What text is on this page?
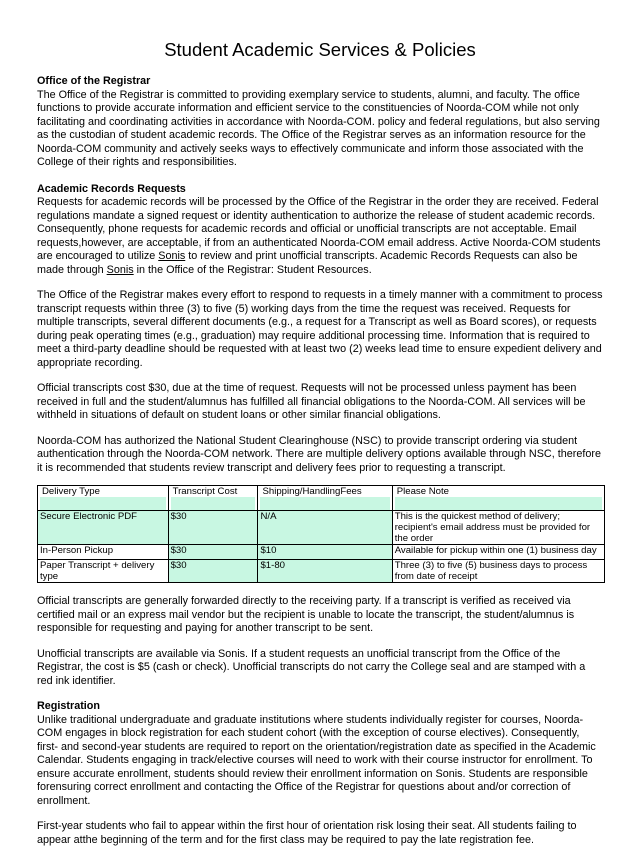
Student Academic Services & Policies
Office of the Registrar

The Office of the Registrar is committed to providing exemplary service to students, alumni, and faculty. The office functions to provide accurate information and efficient service to the constituencies of Noorda-COM while not only facilitating and coordinating activities in accordance with Noorda-COM. policy and federal regulations, but also serving as the custodian of student academic records. The Office of the Registrar serves as an information resource for the Noorda-COM community and actively seeks ways to effectively communicate and inform those associated with the College of their rights and responsibilities.

Academic Records Requests

Requests for academic records will be processed by the Office of the Registrar in the order they are received. Federal regulations mandate a signed request or identity authentication to authorize the release of student academic records. Consequently, phone requests for academic records and official or unofficial transcripts are not acceptable. Email requests,however, are acceptable, if from an authenticated Noorda-COM email address. Active Noorda-COM students are encouraged to utilize Sonis to review and print unofficial transcripts. Academic Records Requests can also be made through Sonis in the Office of the Registrar: Student Resources.

The Office of the Registrar makes every effort to respond to requests in a timely manner with a commitment to process transcript requests within three (3) to five (5) working days from the time the request was received. Requests for multiple transcripts, several different documents (e.g., a request for a Transcript as well as Board scores), or requests during peak operating times (e.g., graduation) may require additional processing time. Information that is required to meet a third-party deadline should be requested with at least two (2) weeks lead time to ensure expedient delivery and appropriate recording.

Official transcripts cost $30, due at the time of request. Requests will not be processed unless payment has been received in full and the student/alumnus has fulfilled all financial obligations to the Noorda-COM. All services will be withheld in situations of default on student loans or other similar financial obligations.

Noorda-COM has authorized the National Student Clearinghouse (NSC) to provide transcript ordering via student authentication through the Noorda-COM network. There are multiple delivery options available through NSC, therefore it is recommended that students review transcript and delivery fees prior to requesting a transcript.

Delivery Type	Transcript Cost	Shipping/HandlingFees	Please Note

Secure Electronic PDF	$30	N/A	This is the quickest method of delivery; recipient's email address must be provided for the order
In-Person Pickup	$30	$10	Available for pickup within one (1) business day
Paper Transcript + delivery type	$30	$1-80	Three (3) to five (5) business days to process from date of receipt

Official transcripts are generally forwarded directly to the receiving party. If a transcript is verified as received via certified mail or an express mail vendor but the recipient is unable to locate the transcript, the student/alumnus is responsible for requesting and paying for another transcript to be sent.

Unofficial transcripts are available via Sonis. If a student requests an unofficial transcript from the Office of the Registrar, the cost is $5 (cash or check). Unofficial transcripts do not carry the College seal and are stamped with a red ink identifier.

Registration

Unlike traditional undergraduate and graduate institutions where students individually register for courses, Noorda-COM engages in block registration for each student cohort (with the exception of course electives). Consequently, first- and second-year students are required to report on the orientation/registration date as specified in the Academic Calendar. Students engaging in track/elective courses will need to work with their course instructor for enrollment. To ensure accurate enrollment, students should review their enrollment information on Sonis. Students are responsible forensuring correct enrollment and contacting the Office of the Registrar for questions about and/or correction of enrollment.

First-year students who fail to appear within the first hour of orientation risk losing their seat. All students failing to appear atthe beginning of the term and for the first class may be required to pay the late registration fee.
